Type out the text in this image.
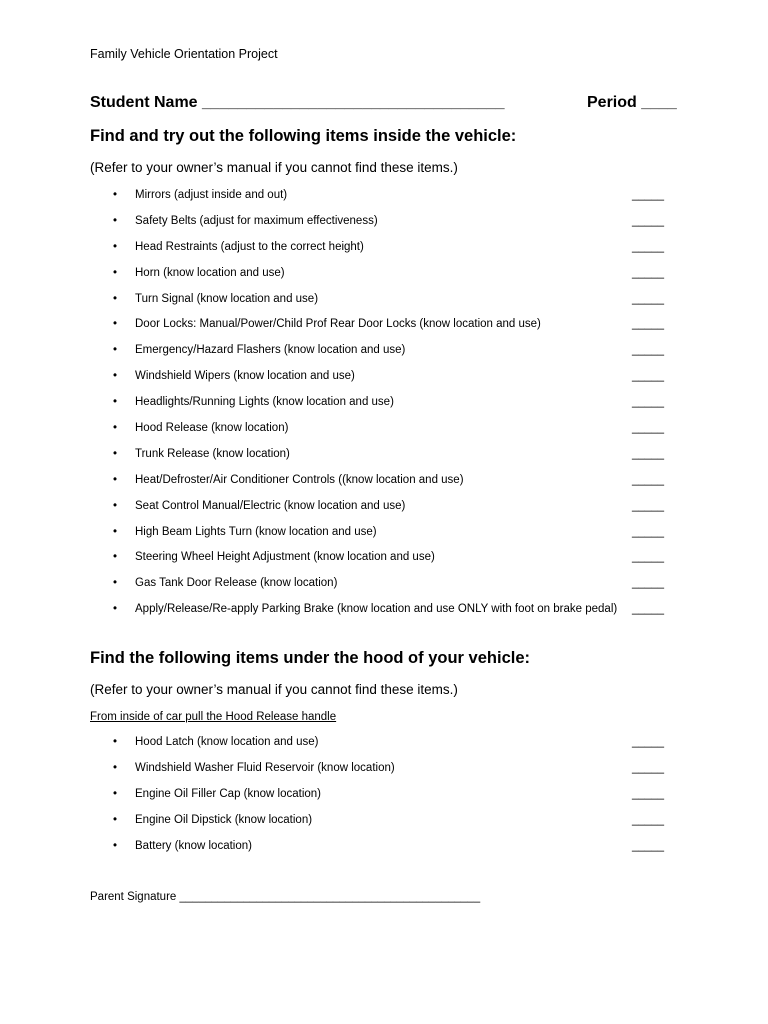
Family Vehicle Orientation Project
Student Name __________________________________	Period ____
Find and try out the following items inside the vehicle:
(Refer to your owner’s manual if you cannot find these items.)
• Mirrors (adjust inside and out)	_____
• Safety Belts (adjust for maximum effectiveness)	_____
• Head Restraints (adjust to the correct height)	_____
• Horn (know location and use)	_____
• Turn Signal (know location and use)	_____
• Door Locks: Manual/Power/Child Prof Rear Door Locks (know location and use)	_____
• Emergency/Hazard Flashers (know location and use)	_____
• Windshield Wipers (know location and use)	_____
• Headlights/Running Lights (know location and use)	_____
• Hood Release (know location)	_____
• Trunk Release (know location)	_____
• Heat/Defroster/Air Conditioner Controls ((know location and use)	_____
• Seat Control Manual/Electric (know location and use)	_____
• High Beam Lights Turn (know location and use)	_____
• Steering Wheel Height Adjustment (know location and use)	_____
• Gas Tank Door Release (know location)	_____
• Apply/Release/Re-apply Parking Brake (know location and use ONLY with foot on brake pedal) _____
Find the following items under the hood of your vehicle:
(Refer to your owner’s manual if you cannot find these items.)
From inside of car pull the Hood Release handle
• Hood Latch (know location and use)	_____
• Windshield Washer Fluid Reservoir (know location)	_____
• Engine Oil Filler Cap (know location)	_____
• Engine Oil Dipstick (know location)	_____
• Battery (know location)	_____
Parent Signature _______________________________________________
